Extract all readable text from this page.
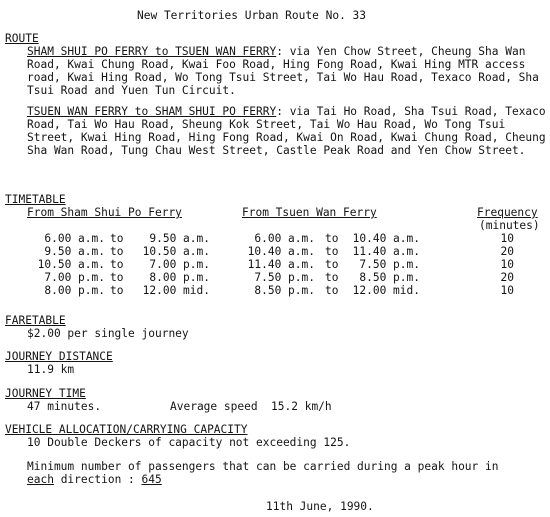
New Territories Urban Route No. 33
ROUTE
SHAM SHUI PO FERRY to TSUEN WAN FERRY: via Yen Chow Street, Cheung Sha Wan Road, Kwai Chung Road, Kwai Foo Road, Hing Fong Road, Kwai Hing MTR access road, Kwai Hing Road, Wo Tong Tsui Street, Tai Wo Hau Road, Texaco Road, Sha Tsui Road and Yuen Tun Circuit.
TSUEN WAN FERRY to SHAM SHUI PO FERRY: via Tai Ho Road, Sha Tsui Road, Texaco Road, Tai Wo Hau Road, Sheung Kok Street, Tai Wo Hau Road, Wo Tong Tsui Street, Kwai Hing Road, Hing Fong Road, Kwai On Road, Kwai Chung Road, Cheung Sha Wan Road, Tung Chau West Street, Castle Peak Road and Yen Chow Street.
TIMETABLE
From Sham Shui Po Ferry	From Tsuen Wan Ferry	Frequency
(minutes)
6.00 a.m. to 9.50 a.m.	6.00 a.m. to 10.40 a.m.	10
9.50 a.m. to 10.50 a.m.	10.40 a.m. to 11.40 a.m.	20
10.50 a.m. to 7.00 p.m.	11.40 a.m. to 7.50 p.m.	10
7.00 p.m. to 8.00 p.m.	7.50 p.m. to 8.50 p.m.	20
8.00 p.m. to 12.00 mid.	8.50 p.m. to 12.00 mid.	10
FARETABLE
$2.00 per single journey
JOURNEY DISTANCE
11.9 km
JOURNEY TIME
47 minutes.	Average speed  15.2 km/h
VEHICLE ALLOCATION/CARRYING CAPACITY
10 Double Deckers of capacity not exceeding 125.
Minimum number of passengers that can be carried during a peak hour in
each direction : 645
11th June, 1990.
